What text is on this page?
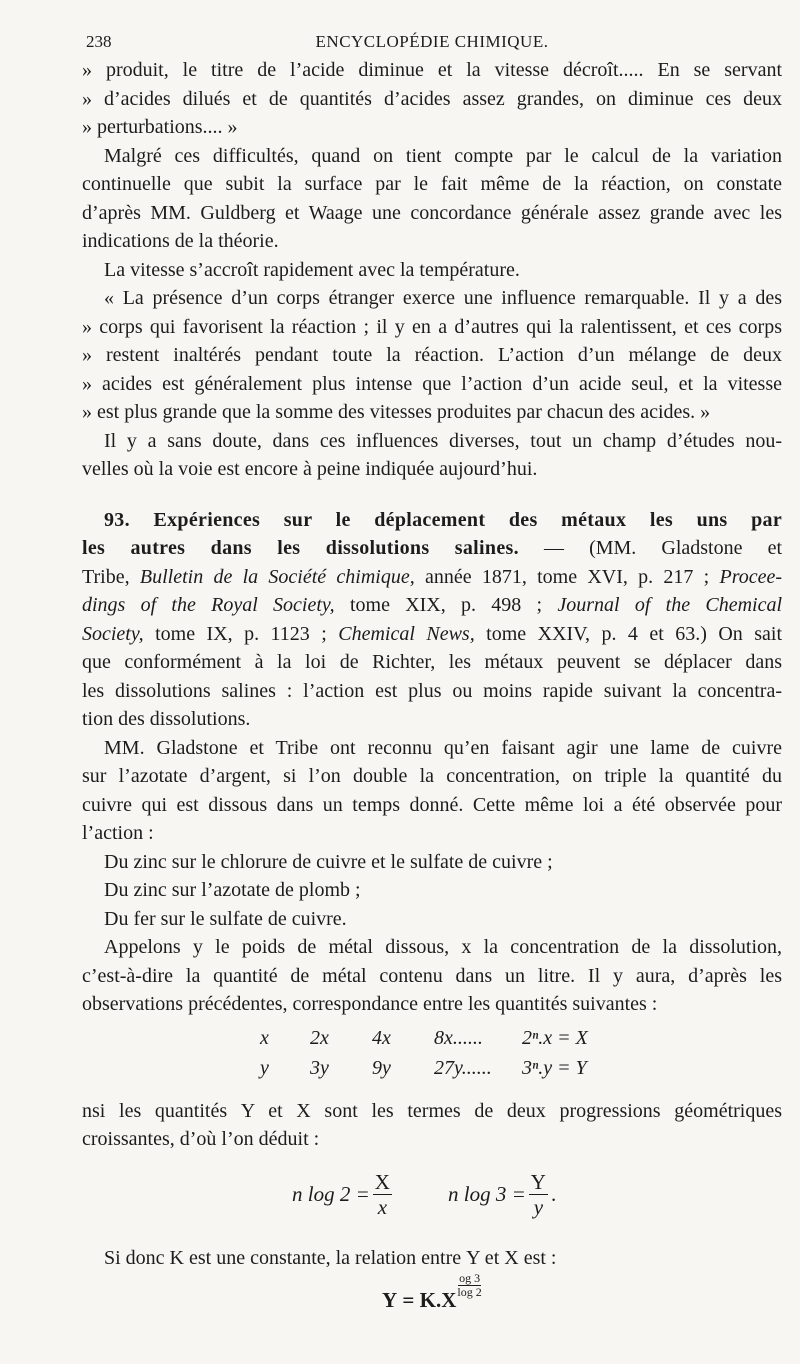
238	ENCYCLOPÉDIE CHIMIQUE.
» produit, le titre de l’acide diminue et la vitesse décroît..... En se servant
» d’acides dilués et de quantités d’acides assez grandes, on diminue ces deux
» perturbations.... »
Malgré ces difficultés, quand on tient compte par le calcul de la variation
continuelle que subit la surface par le fait même de la réaction, on constate
d’après MM. Guldberg et Waage une concordance générale assez grande avec les
indications de la théorie.
La vitesse s’accroît rapidement avec la température.
« La présence d’un corps étranger exerce une influence remarquable. Il y a des
» corps qui favorisent la réaction ; il y en a d’autres qui la ralentissent, et ces corps
» restent inaltérés pendant toute la réaction. L’action d’un mélange de deux
» acides est généralement plus intense que l’action d’un acide seul, et la vitesse
» est plus grande que la somme des vitesses produites par chacun des acides. »
Il y a sans doute, dans ces influences diverses, tout un champ d’études nou-
velles où la voie est encore à peine indiquée aujourd’hui.
93. Expériences sur le déplacement des métaux les uns par
les autres dans les dissolutions salines. — (MM. Gladstone et
Tribe, Bulletin de la Société chimique, année 1871, tome XVI, p. 217 ; Procee-
dings of the Royal Society, tome XIX, p. 498 ; Journal of the Chemical
Society, tome IX, p. 1123 ; Chemical News, tome XXIV, p. 4 et 63.) On sait
que conformément à la loi de Richter, les métaux peuvent se déplacer dans
les dissolutions salines : l’action est plus ou moins rapide suivant la concentra-
tion des dissolutions.
MM. Gladstone et Tribe ont reconnu qu’en faisant agir une lame de cuivre
sur l’azotate d’argent, si l’on double la concentration, on triple la quantité du
cuivre qui est dissous dans un temps donné. Cette même loi a été observée pour
l’action :
Du zinc sur le chlorure de cuivre et le sulfate de cuivre ;
Du zinc sur l’azotate de plomb ;
Du fer sur le sulfate de cuivre.
Appelons y le poids de métal dissous, x la concentration de la dissolution,
c’est-à-dire la quantité de métal contenu dans un litre. Il y aura, d’après les
observations précédentes, correspondance entre les quantités suivantes :
x 2x 4x 8x...... 2ⁿ.x = X
y 3y 9y 27y...... 3ⁿ.y = Υ
nsi les quantités Υ et X sont les termes de deux progressions géométriques
croissantes, d’où l’on déduit :
n $\log 2 = \frac{X}{x}$	n $\log 3 = \frac{\Upsilon}{y}$ .
Si donc K est une constante, la relation entre Υ et X est :
Υ = K.X
$\frac{og 3}{\log 2}$
